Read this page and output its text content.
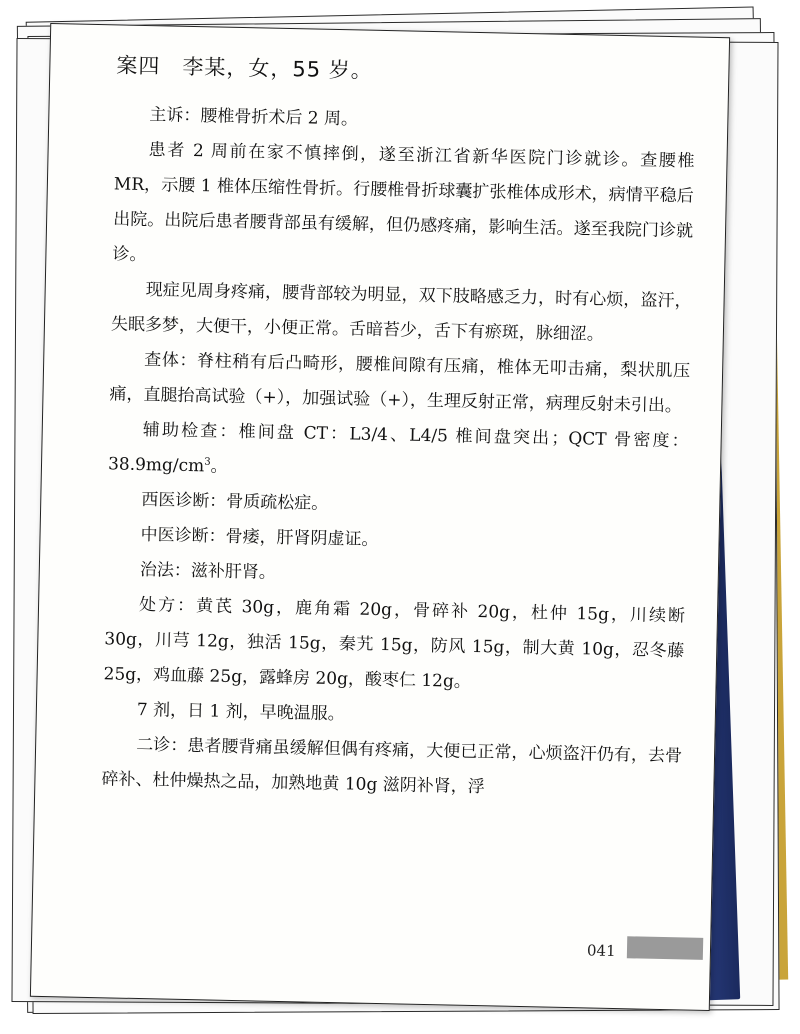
案四 李某，女，55 岁。

主诉：腰椎骨折术后 2 周。

患者 2 周前在家不慎摔倒，遂至浙江省新华医院门诊就诊。查腰椎 MR，示腰 1 椎体压缩性骨折。行腰椎骨折球囊扩张椎体成形术，病情平稳后出院。出院后患者腰背部虽有缓解，但仍感疼痛，影响生活。遂至我院门诊就诊。

现症见周身疼痛，腰背部较为明显，双下肢略感乏力，时有心烦，盗汗，失眠多梦，大便干，小便正常。舌暗苔少，舌下有瘀斑，脉细涩。

查体：脊柱稍有后凸畸形，腰椎间隙有压痛，椎体无叩击痛，梨状肌压痛，直腿抬高试验（+），加强试验（+），生理反射正常，病理反射未引出。

辅助检查：椎间盘 CT：L3/4、L4/5 椎间盘突出；QCT 骨密度：$38.9mg/cm^3$。

西医诊断：骨质疏松症。

中医诊断：骨痿，肝肾阴虚证。

治法：滋补肝肾。

处方：黄芪 30g，鹿角霜 20g，骨碎补 20g，杜仲 15g，川续断 30g，川芎 12g，独活 15g，秦艽 15g，防风 15g，制大黄 10g，忍冬藤 25g，鸡血藤 25g，露蜂房 20g，酸枣仁 12g。

7 剂，日 1 剂，早晚温服。

二诊：患者腰背痛虽缓解但偶有疼痛，大便已正常，心烦盗汗仍有，去骨碎补、杜仲燥热之品，加熟地黄 10g 滋阴补肾，浮

041
